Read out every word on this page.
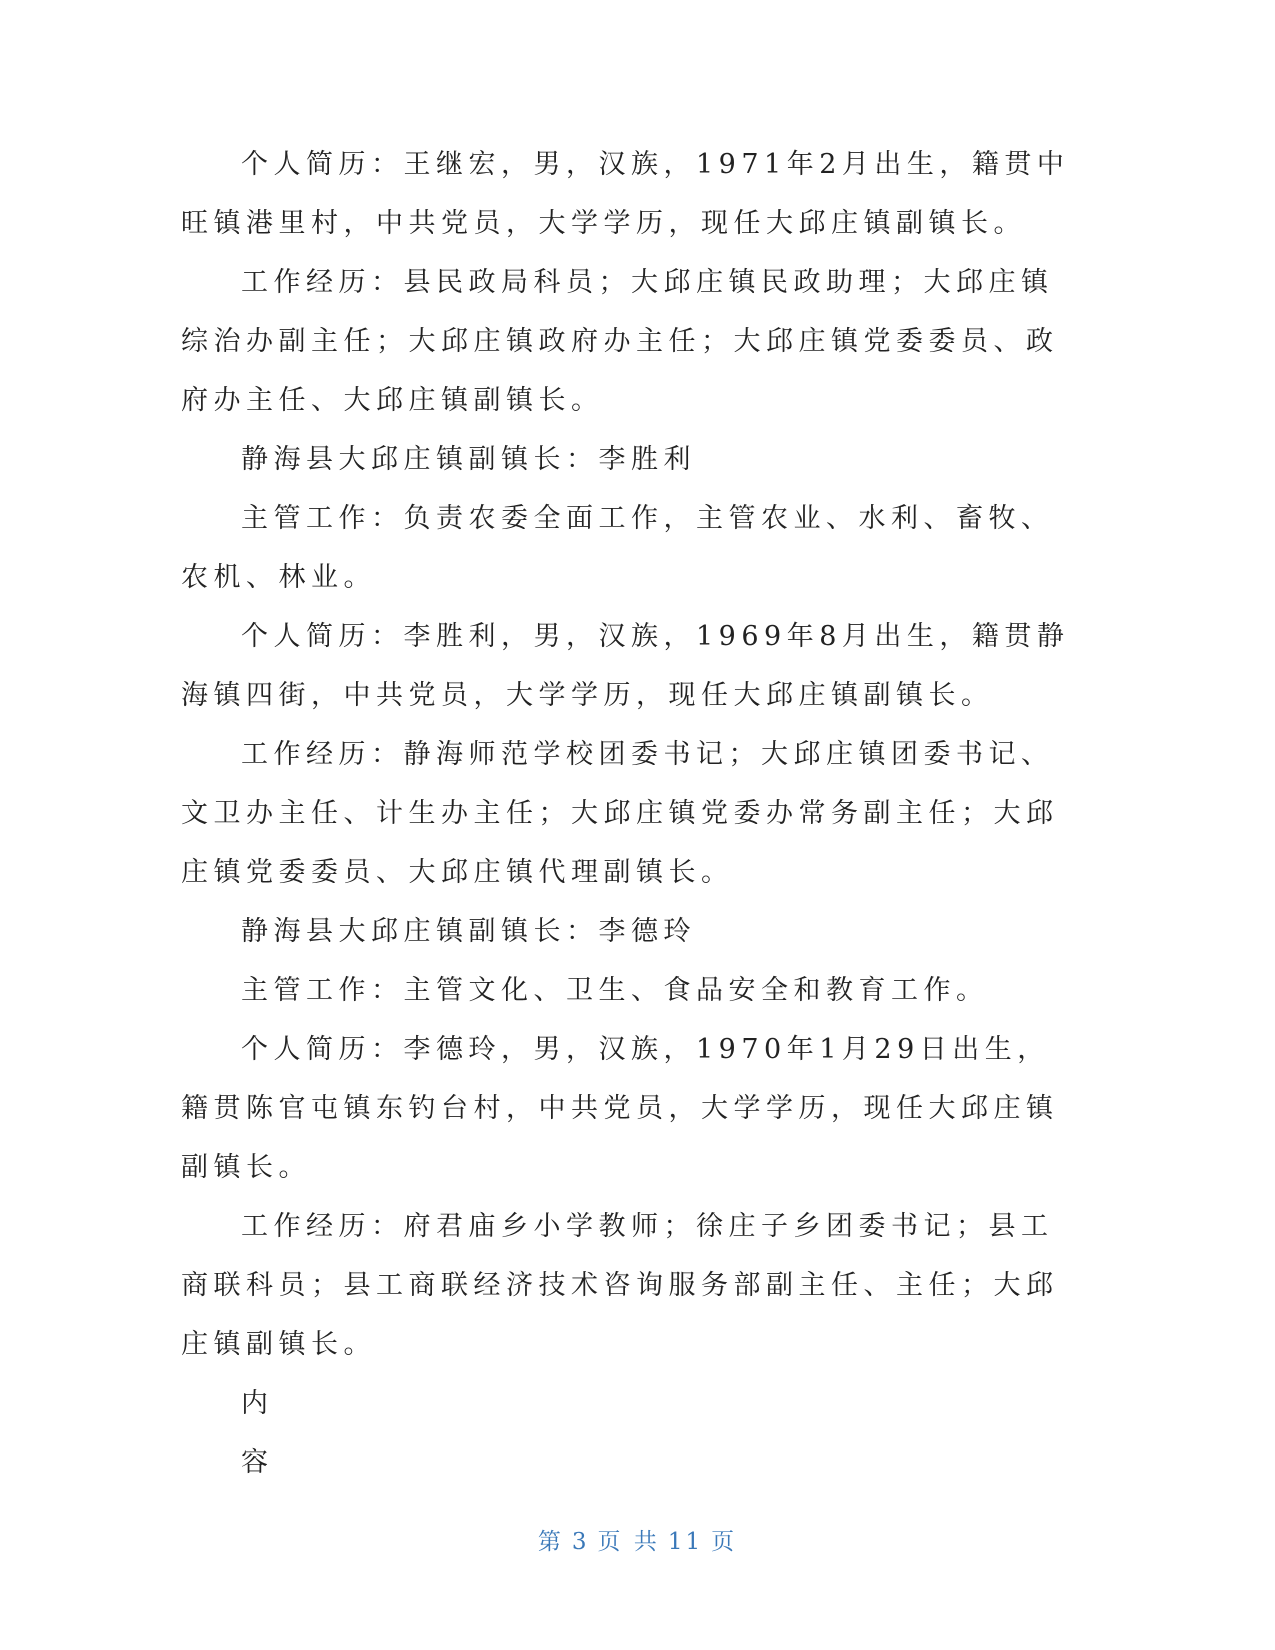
个人简历：王继宏，男，汉族，1971年2月出生，籍贯中旺镇港里村，中共党员，大学学历，现任大邱庄镇副镇长。

工作经历：县民政局科员；大邱庄镇民政助理；大邱庄镇综治办副主任；大邱庄镇政府办主任；大邱庄镇党委委员、政府办主任、大邱庄镇副镇长。

静海县大邱庄镇副镇长：李胜利

主管工作：负责农委全面工作，主管农业、水利、畜牧、农机、林业。

个人简历：李胜利，男，汉族，1969年8月出生，籍贯静海镇四街，中共党员，大学学历，现任大邱庄镇副镇长。

工作经历：静海师范学校团委书记；大邱庄镇团委书记、文卫办主任、计生办主任；大邱庄镇党委办常务副主任；大邱庄镇党委委员、大邱庄镇代理副镇长。

静海县大邱庄镇副镇长：李德玲

主管工作：主管文化、卫生、食品安全和教育工作。

个人简历：李德玲，男，汉族，1970年1月29日出生，籍贯陈官屯镇东钓台村，中共党员，大学学历，现任大邱庄镇副镇长。

工作经历：府君庙乡小学教师；徐庄子乡团委书记；县工商联科员；县工商联经济技术咨询服务部副主任、主任；大邱庄镇副镇长。

内

容

第 3 页 共 11 页
